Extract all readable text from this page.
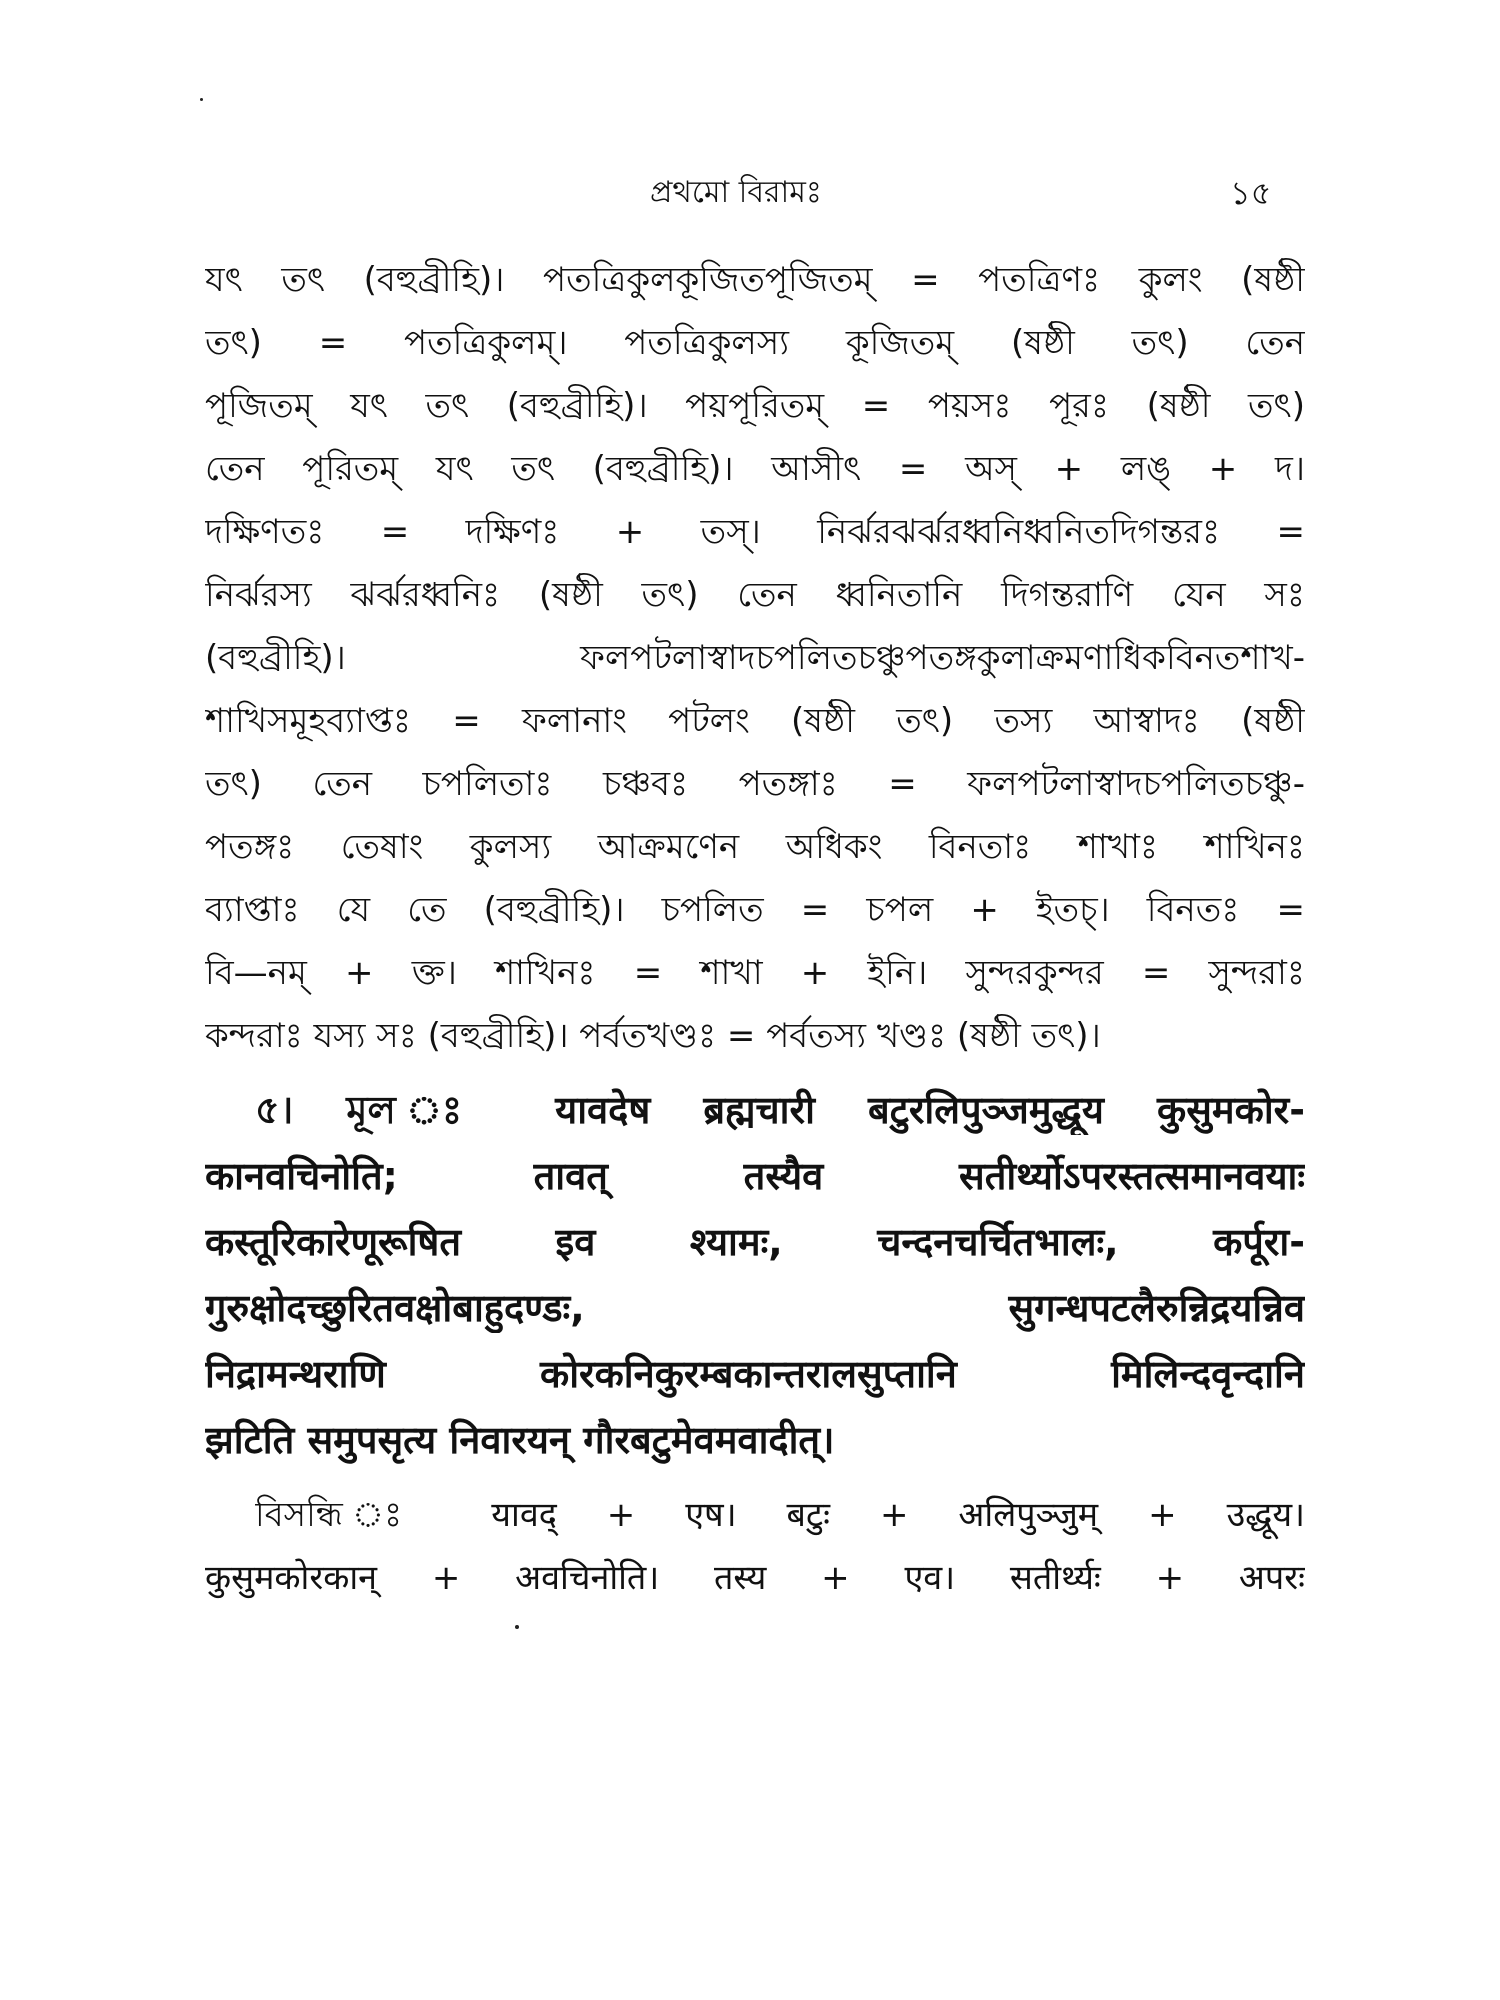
প্রথমো বিরামঃ	১৫
যৎ তৎ (বহুব্রীহি)। পতত্রিকুলকূজিতপূজিতম্ = পতত্রিণঃ কুলং (ষষ্ঠী
তৎ) = পতত্রিকুলম্। পতত্রিকুলস্য কূজিতম্ (ষষ্ঠী তৎ) তেন
পূজিতম্ যৎ তৎ (বহুব্রীহি)। পয়পূরিতম্ = পয়সঃ পূরঃ (ষষ্ঠী তৎ)
তেন পূরিতম্ যৎ তৎ (বহুব্রীহি)। আসীৎ = অস্ + লঙ্ + দ।
দক্ষিণতঃ = দক্ষিণঃ + তস্। নির্ঝরঝর্ঝরধ্বনিধ্বনিতদিগন্তরঃ =
নির্ঝরস্য ঝর্ঝরধ্বনিঃ (ষষ্ঠী তৎ) তেন ধ্বনিতানি দিগন্তরাণি যেন সঃ
(বহুব্রীহি)। ফলপটলাস্বাদচপলিতচঞ্চুপতঙ্গকুলাক্রমণাধিকবিনতশাখ-
শাখিসমূহব্যাপ্তঃ = ফলানাং পটলং (ষষ্ঠী তৎ) তস্য আস্বাদঃ (ষষ্ঠী
তৎ) তেন চপলিতাঃ চঞ্চবঃ পতঙ্গাঃ = ফলপটলাস্বাদচপলিতচঞ্চু-
পতঙ্গঃ তেষাং কুলস্য আক্রমণেন অধিকং বিনতাঃ শাখাঃ শাখিনঃ
ব্যাপ্তাঃ যে তে (বহুব্রীহি)। চপলিত = চপল + ইতচ্। বিনতঃ =
বি—নম্ + ক্ত। শাখিনঃ = শাখা + ইনি। সুন্দরকুন্দর = সুন্দরাঃ
কন্দরাঃ যস্য সঃ (বহুব্রীহি)। পর্বতখণ্ডঃ = পর্বতস্য খণ্ডঃ (ষষ্ঠী তৎ)।
৫। মূল ঃ यावदेष ब्रह्मचारी बटुरलिपुञ्जमुद्धूय कुसुमकोर-
कानवचिनोति; तावत् तस्यैव सतीर्थ्योऽपरस्तत्समानवयाः
कस्तूरिकारेणूरूषित इव श्यामः, चन्दनचर्चितभालः, कर्पूरा-
गुरुक्षोदच्छुरितवक्षोबाहुदण्डः, सुगन्धपटलैरुन्निद्रयन्निव
निद्रामन्थराणि कोरकनिकुरम्बकान्तरालसुप्तानि मिलिन्दवृन्दानि
झटिति समुपसृत्य निवारयन् गौरबटुमेवमवादीत्।
বিসন্ধি ঃ यावद् + एष। बटुः + अलिपुञ्जुम् + उद्धूय।
कुसुमकोरकान् + अवचिनोति। तस्य + एव। सतीर्थ्यः + अपरः
